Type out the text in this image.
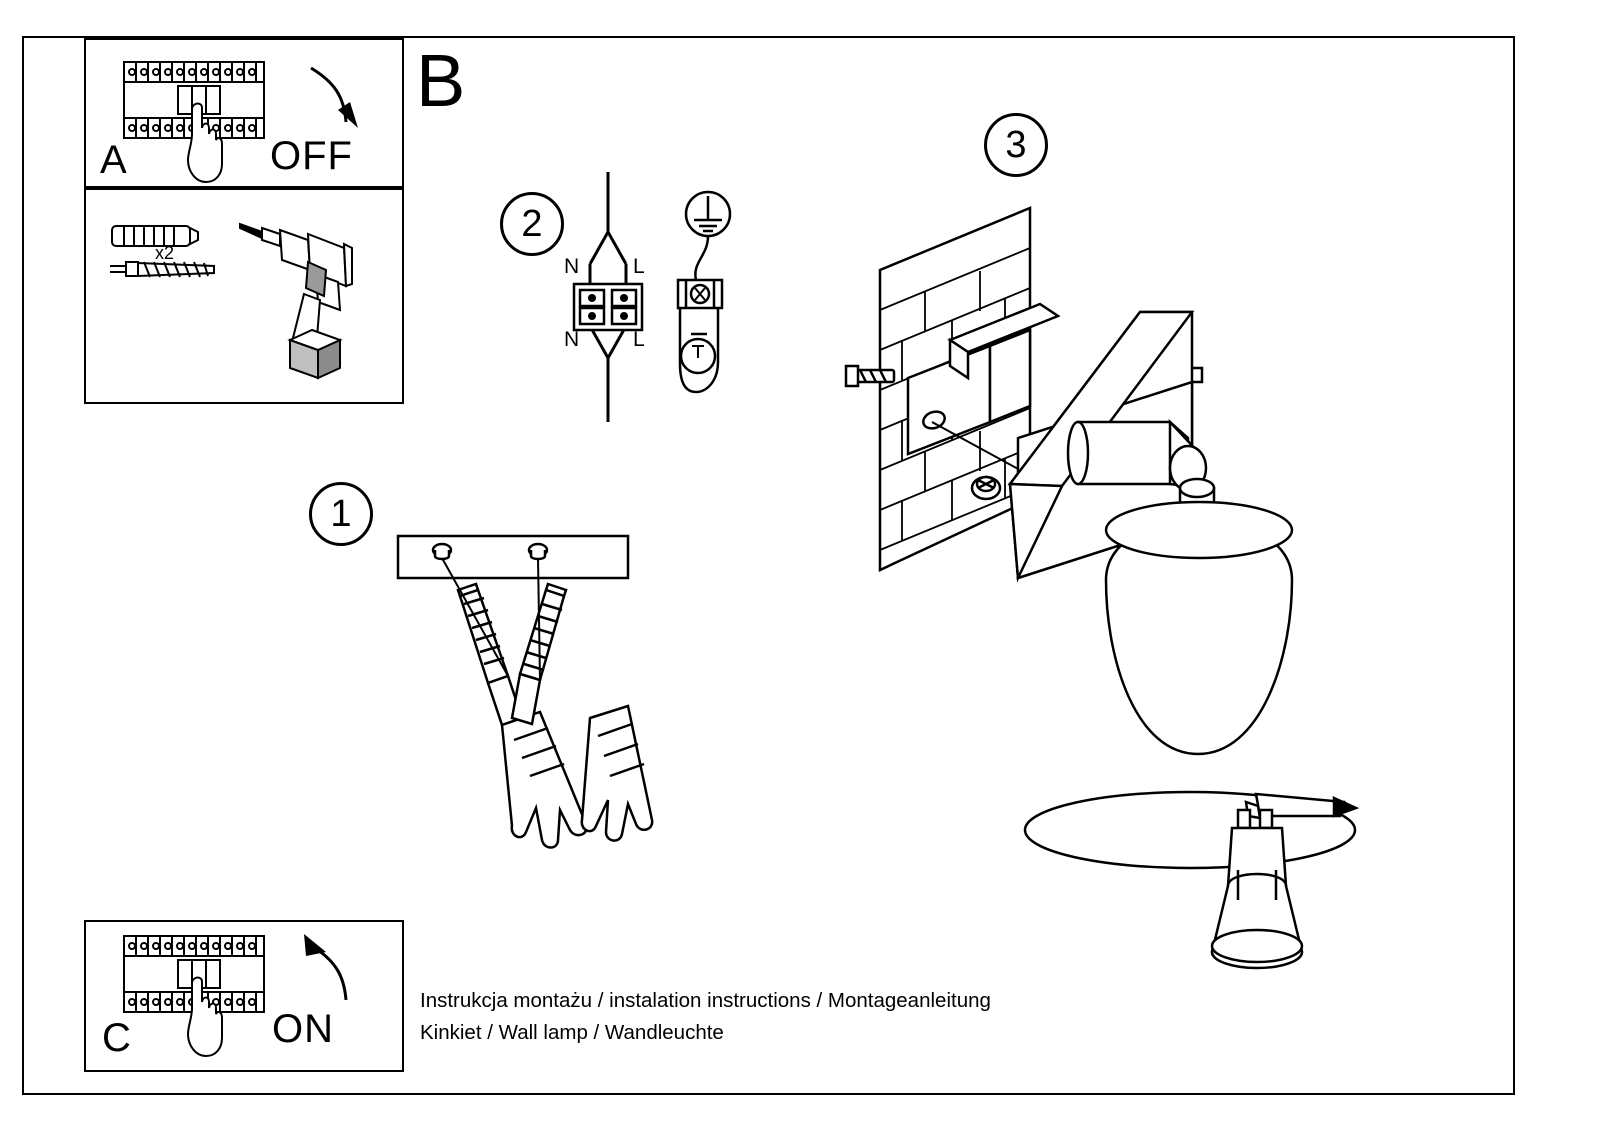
A	OFF
x2
B
2
N	L
N	L
1
3
C	ON
Instrukcja montażu / instalation instructions / Montageanleitung
Kinkiet / Wall lamp / Wandleuchte
